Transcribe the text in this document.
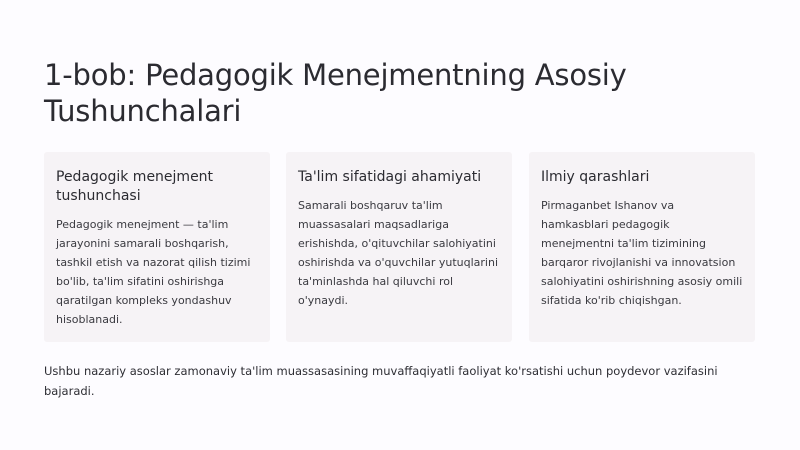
1-bob: Pedagogik Menejmentning Asosiy Tushunchalari
Pedagogik menejment tushunchasi
Pedagogik menejment — ta'lim jarayonini samarali boshqarish, tashkil etish va nazorat qilish tizimi bo'lib, ta'lim sifatini oshirishga qaratilgan kompleks yondashuv hisoblanadi.
Ta'lim sifatidagi ahamiyati
Samarali boshqaruv ta'lim muassasalari maqsadlariga erishishda, o'qituvchilar salohiyatini oshirishda va o'quvchilar yutuqlarini ta'minlashda hal qiluvchi rol o'ynaydi.
Ilmiy qarashlari
Pirmaganbet Ishanov va hamkasblari pedagogik menejmentni ta'lim tizimining barqaror rivojlanishi va innovatsion salohiyatini oshirishning asosiy omili sifatida ko'rib chiqishgan.

Ushbu nazariy asoslar zamonaviy ta'lim muassasasining muvaffaqiyatli faoliyat ko'rsatishi uchun poydevor vazifasini bajaradi.
